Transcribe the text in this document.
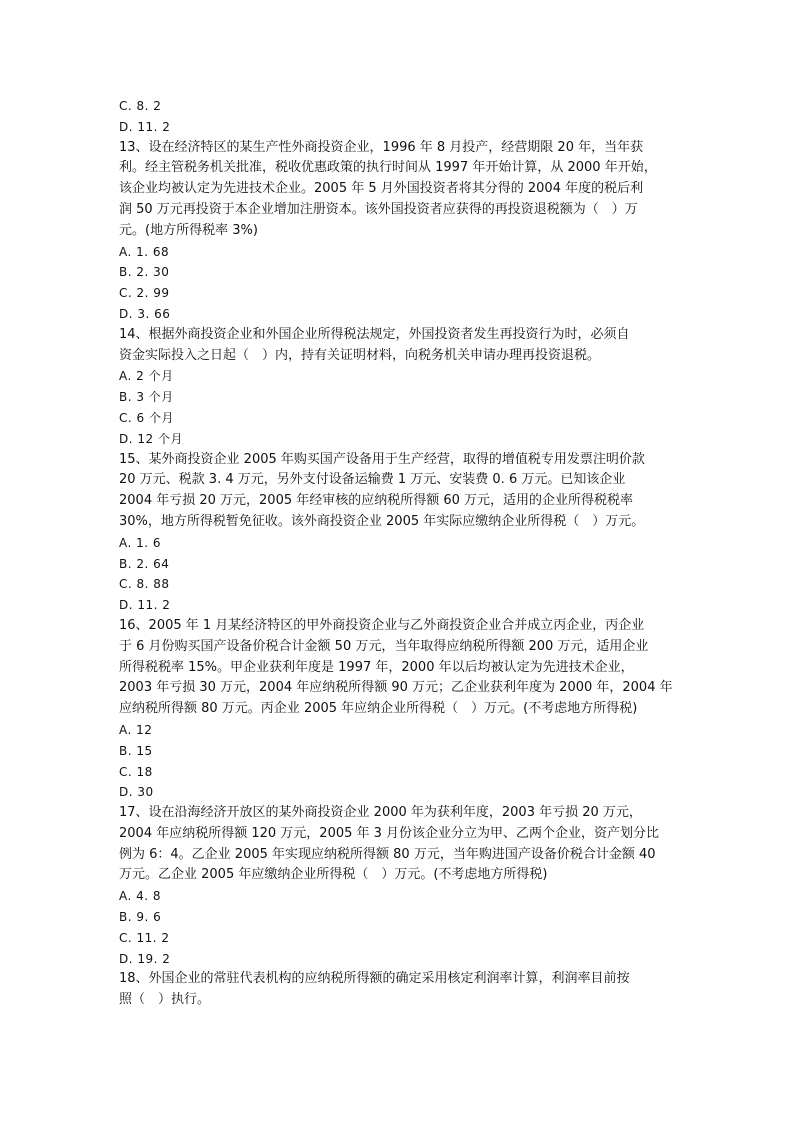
C. 8. 2
D. 11. 2
13、设在经济特区的某生产性外商投资企业，1996 年 8 月投产，经营期限 20 年，当年获
利。经主管税务机关批准，税收优惠政策的执行时间从 1997 年开始计算，从 2000 年开始，
该企业均被认定为先进技术企业。2005 年 5 月外国投资者将其分得的 2004 年度的税后利
润 50 万元再投资于本企业增加注册资本。该外国投资者应获得的再投资退税额为（　）万
元。(地方所得税率 3%)
A. 1. 68
B. 2. 30
C. 2. 99
D. 3. 66
14、根据外商投资企业和外国企业所得税法规定，外国投资者发生再投资行为时，必须自
资金实际投入之日起（　）内，持有关证明材料，向税务机关申请办理再投资退税。
A. 2 个月
B. 3 个月
C. 6 个月
D. 12 个月
15、某外商投资企业 2005 年购买国产设备用于生产经营，取得的增值税专用发票注明价款
20 万元、税款 3. 4 万元，另外支付设备运输费 1 万元、安装费 0. 6 万元。已知该企业
2004 年亏损 20 万元，2005 年经审核的应纳税所得额 60 万元，适用的企业所得税税率
30%，地方所得税暂免征收。该外商投资企业 2005 年实际应缴纳企业所得税（　）万元。
A. 1. 6
B. 2. 64
C. 8. 88
D. 11. 2
16、2005 年 1 月某经济特区的甲外商投资企业与乙外商投资企业合并成立丙企业，丙企业
于 6 月份购买国产设备价税合计金额 50 万元，当年取得应纳税所得额 200 万元，适用企业
所得税税率 15%。甲企业获利年度是 1997 年，2000 年以后均被认定为先进技术企业，
2003 年亏损 30 万元，2004 年应纳税所得额 90 万元；乙企业获利年度为 2000 年，2004 年
应纳税所得额 80 万元。丙企业 2005 年应纳企业所得税（　）万元。(不考虑地方所得税)
A. 12
B. 15
C. 18
D. 30
17、设在沿海经济开放区的某外商投资企业 2000 年为获利年度，2003 年亏损 20 万元，
2004 年应纳税所得额 120 万元，2005 年 3 月份该企业分立为甲、乙两个企业，资产划分比
例为 6：4。乙企业 2005 年实现应纳税所得额 80 万元，当年购进国产设备价税合计金额 40
万元。乙企业 2005 年应缴纳企业所得税（　）万元。(不考虑地方所得税)
A. 4. 8
B. 9. 6
C. 11. 2
D. 19. 2
18、外国企业的常驻代表机构的应纳税所得额的确定采用核定利润率计算，利润率目前按
照（　）执行。
